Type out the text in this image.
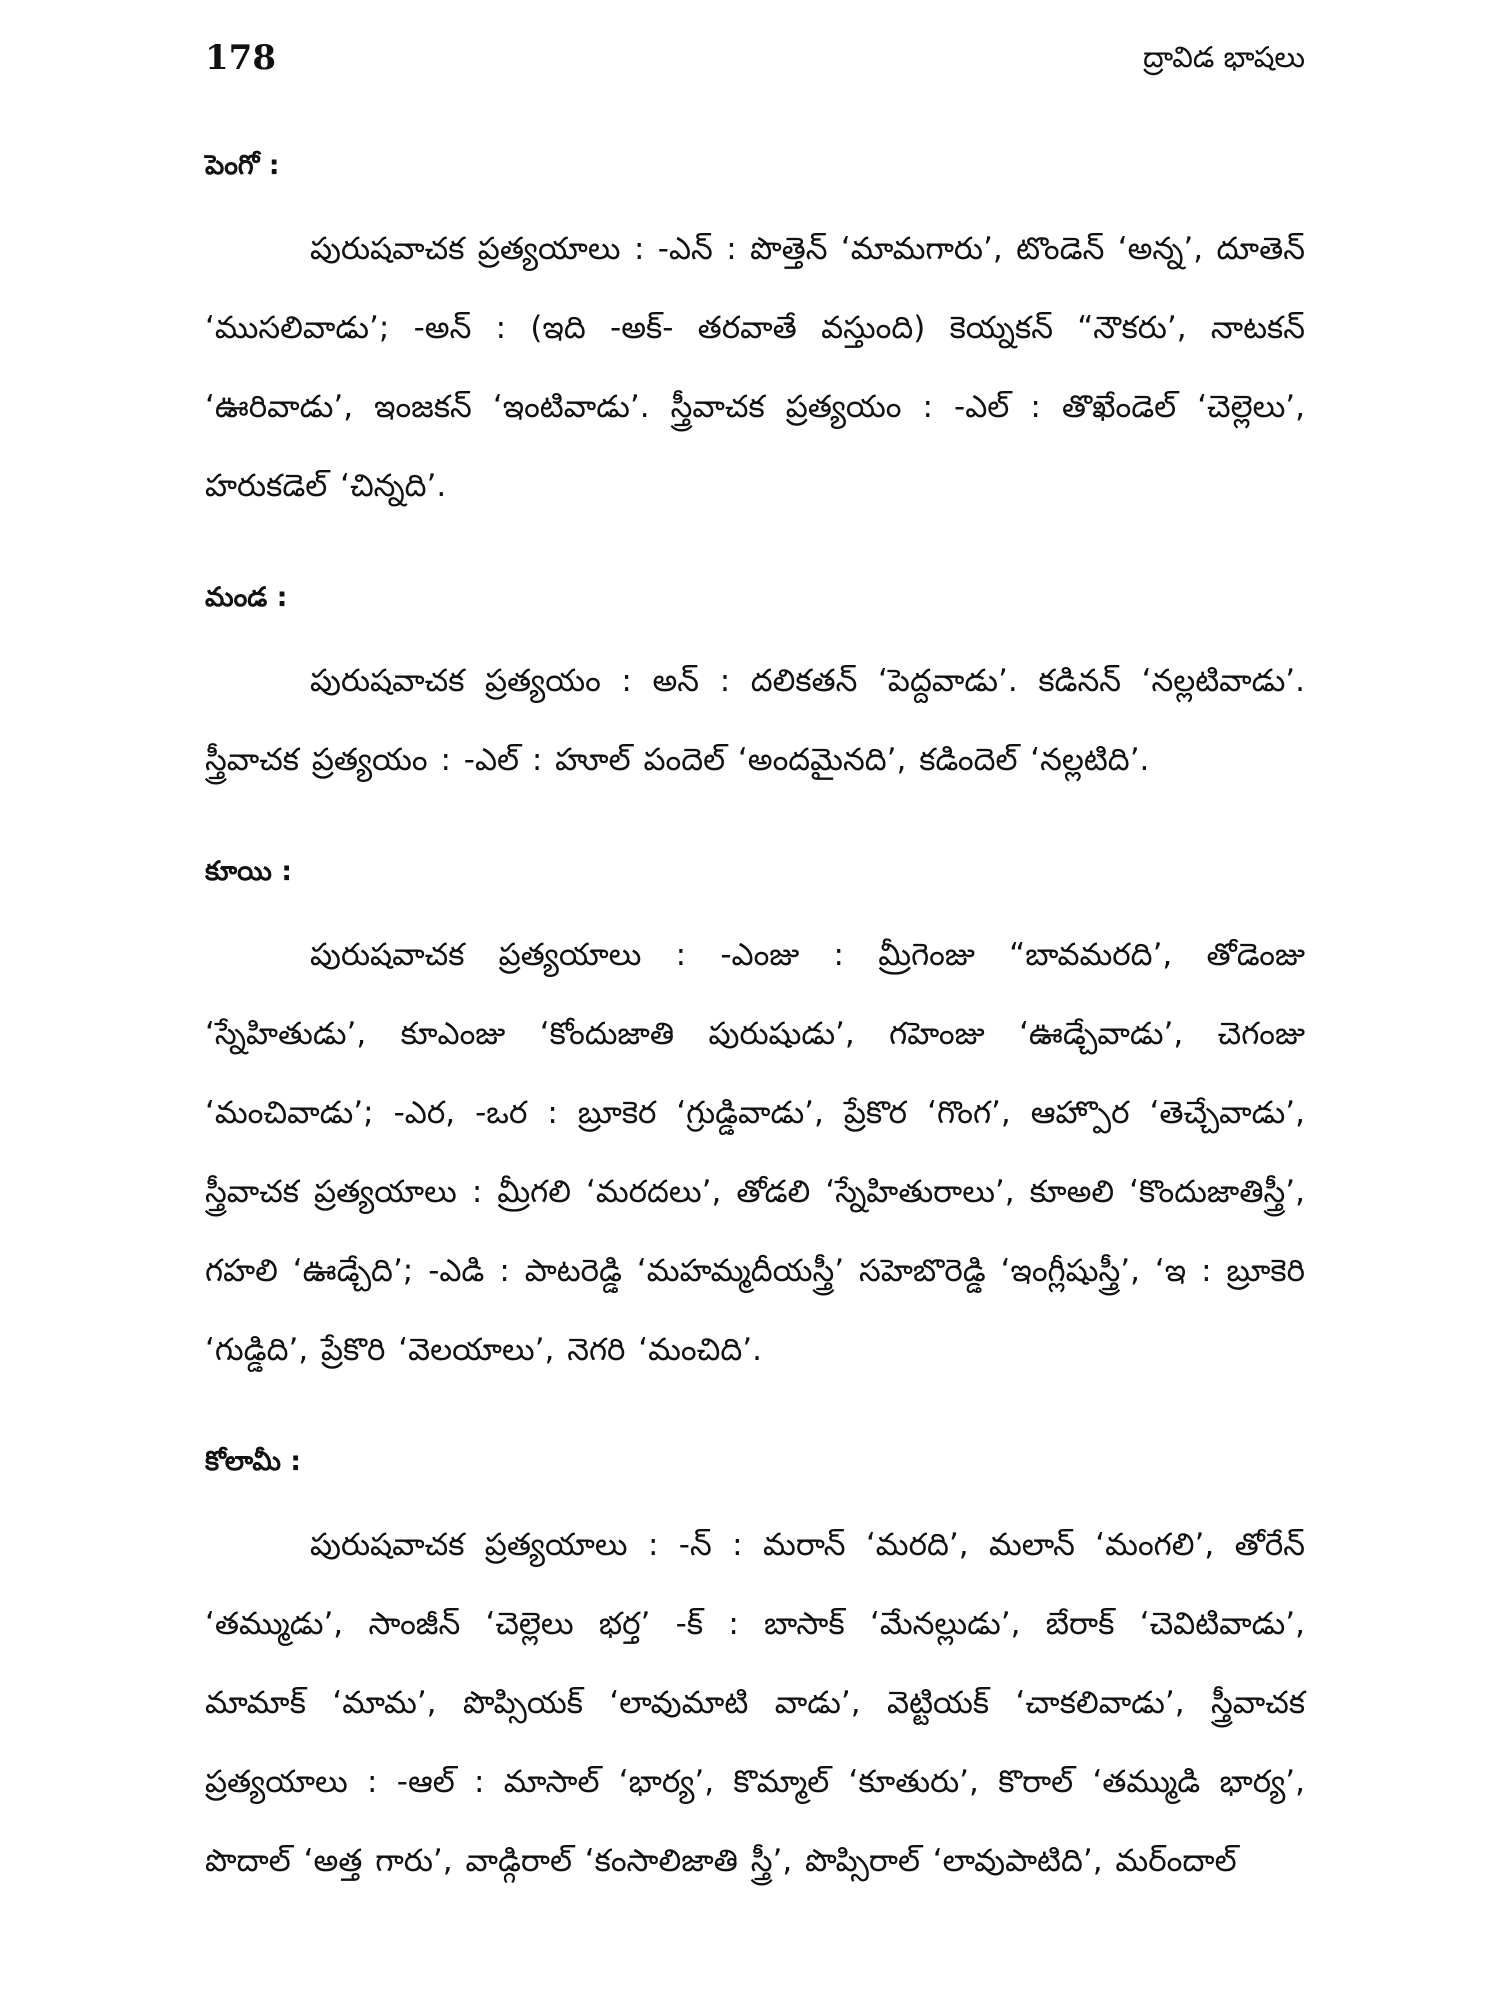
178	ద్రావిడ భాషలు

పెంగో :

పురుషవాచక ప్రత్యయాలు : -ఎన్ : పొత్తెన్ ‘మామగారు’, టొండెన్ ‘అన్న’, దూతెన్ ‘ముసలివాడు’; -అన్ : (ఇది -అక్- తరవాతే వస్తుంది) కెయ్నకన్ “నౌకరు’, నాటకన్ ‘ఊరివాడు’, ఇంజకన్ ‘ఇంటివాడు’. స్త్రీవాచక ప్రత్యయం : -ఎల్ : తొఖేండెల్ ‘చెల్లెలు’, హరుకడెల్ ‘చిన్నది’.

మండ :

పురుషవాచక ప్రత్యయం : అన్ : దలికతన్ ‘పెద్దవాడు’. కడినన్ ‘నల్లటివాడు’. స్త్రీవాచక ప్రత్యయం : -ఎల్ : హూల్ పందెల్ ‘అందమైనది’, కడిందెల్ ‘నల్లటిది’.

కూయి :

పురుషవాచక ప్రత్యయాలు : -ఎంజు : మ్రీగెంజు “బావమరది’, తోడెంజు ‘స్నేహితుడు’, కూఎంజు ‘కోందుజాతి పురుషుడు’, గహెంజు ‘ఊడ్చేవాడు’, చెగంజు ‘మంచివాడు’; -ఎర, -ఒర : బ్రూకెర ‘గ్రుడ్డివాడు’, ప్రేకొర ‘గొంగ’, ఆహ్పొర ‘తెచ్చేవాడు’, స్త్రీవాచక ప్రత్యయాలు : మ్రీగలి ‘మరదలు’, తోడలి ‘స్నేహితురాలు’, కూఅలి ‘కొందుజాతిస్త్రీ’, గహలి ‘ఊడ్చేది’; -ఎడి : పాటరెడ్డి ‘మహమ్మదీయస్త్రీ’ సహెబొరెడ్డి ‘ఇంగ్లీషుస్త్రీ’, ‘ఇ : బ్రూకెరి ‘గుడ్డిది’, ప్రేకొరి ‘వెలయాలు’, నెగరి ‘మంచిది’.

కోలామీ :

పురుషవాచక ప్రత్యయాలు : -న్ : మరాన్ ‘మరది’, మలాన్ ‘మంగలి’, తోరేన్ ‘తమ్ముడు’, సాంజీన్ ‘చెల్లెలు భర్త’ -క్ : బాసాక్ ‘మేనల్లుడు’, బేరాక్ ‘చెవిటివాడు’, మామాక్ ‘మామ’, పొప్సియక్ ‘లావుమాటి వాడు’, వెట్టియక్ ‘చాకలివాడు’, స్త్రీవాచక ప్రత్యయాలు : -ఆల్ : మాసాల్ ‘భార్య’, కొమ్మాల్ ‘కూతురు’, కొరాల్ ‘తమ్ముడి భార్య’, పొదాల్ ‘అత్త గారు’, వాడ్గిరాల్ ‘కంసాలిజాతి స్త్రీ’, పొప్సిరాల్ ‘లావుపాటిది’, మర్ందాల్
